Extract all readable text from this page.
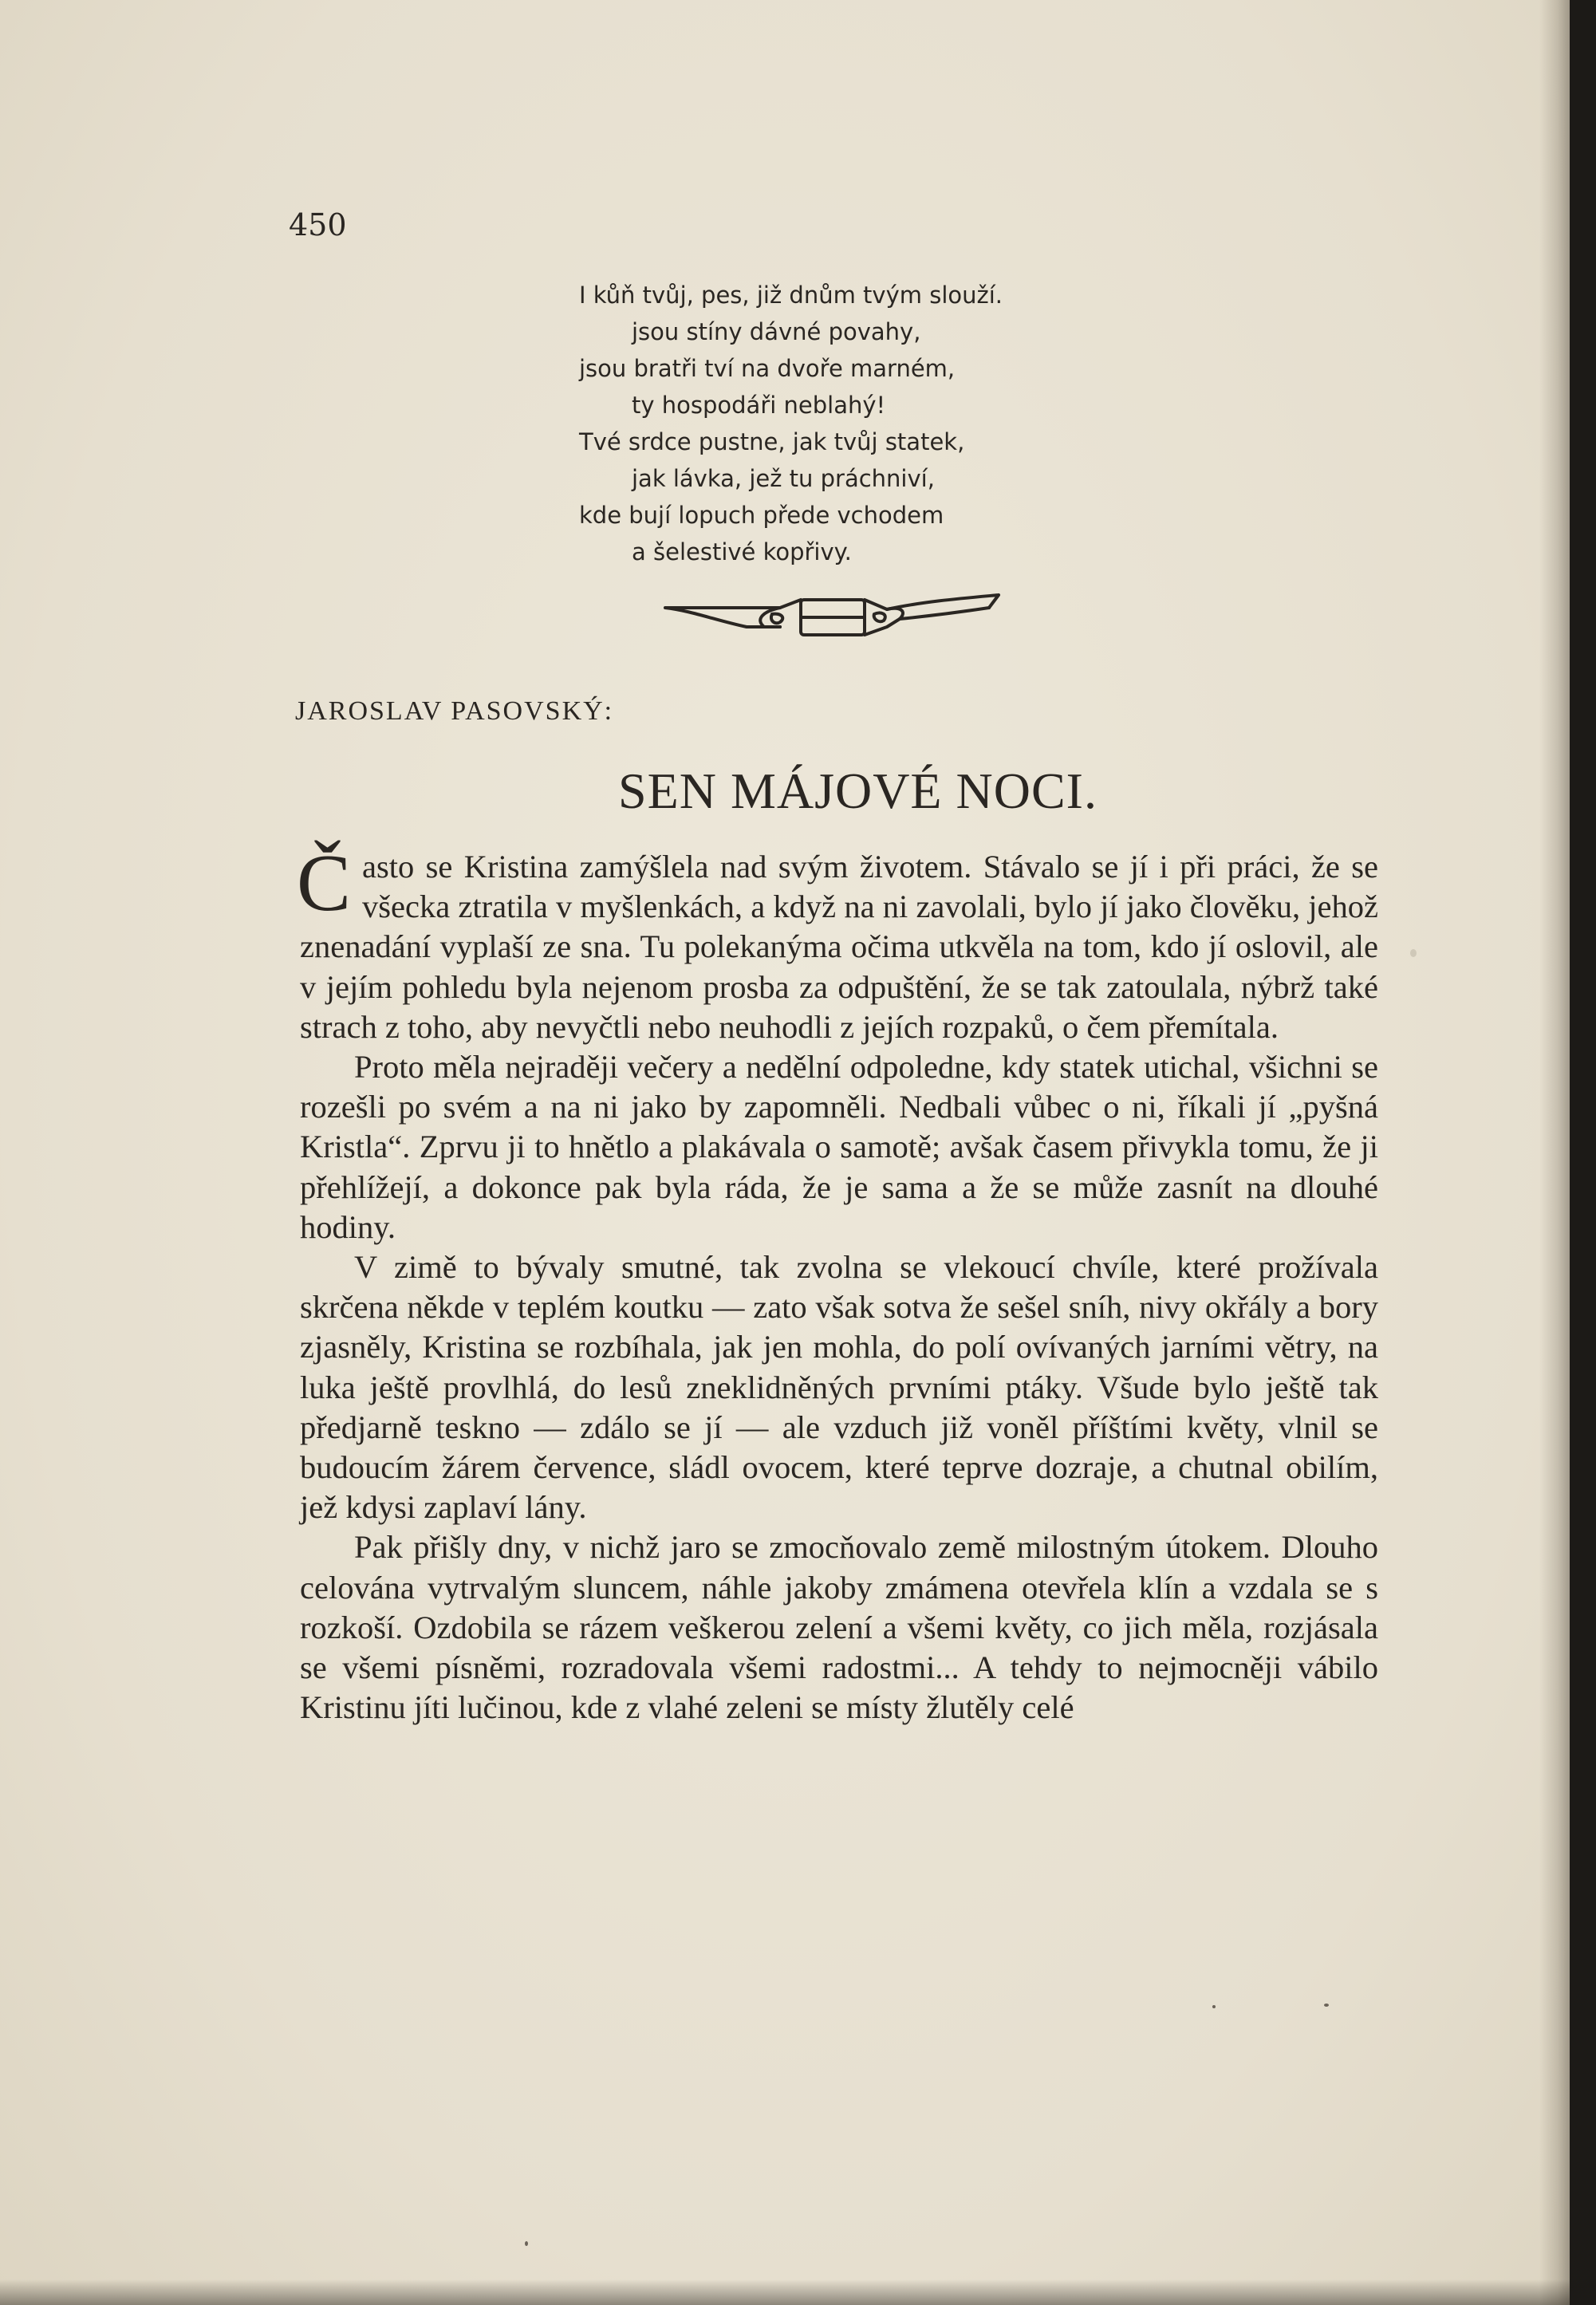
450
I kůň tvůj, pes, již dnům tvým slouží.
jsou stíny dávné povahy,
jsou bratři tví na dvoře marném,
ty hospodáři neblahý!
Tvé srdce pustne, jak tvůj statek,
jak lávka, jež tu práchniví,
kde bují lopuch přede vchodem
a šelestivé kopřivy.
JAROSLAV PASOVSKÝ:
SEN MÁJOVÉ NOCI.

Často se Kristina zamýšlela nad svým životem. Stávalo se jí i při práci, že se všecka ztratila v myšlenkách, a když na ni zavolali, bylo jí jako člověku, jehož znenadání vyplaší ze sna. Tu polekanýma očima utkvěla na tom, kdo jí oslovil, ale v jejím pohledu byla nejenom prosba za odpuštění, že se tak zatoulala, nýbrž také strach z toho, aby nevyčtli nebo neuhodli z jejích rozpaků, o čem přemítala.

Proto měla nejraději večery a nedělní odpoledne, kdy statek utichal, všichni se rozešli po svém a na ni jako by zapomněli. Nedbali vůbec o ni, říkali jí „pyšná Kristla“. Zprvu ji to hnětlo a plakávala o samotě; avšak časem přivykla tomu, že ji přehlížejí, a dokonce pak byla ráda, že je sama a že se může zasnít na dlouhé hodiny.

V zimě to bývaly smutné, tak zvolna se vlekoucí chvíle, které prožívala skrčena někde v teplém koutku — zato však sotva že sešel sníh, nivy okřály a bory zjasněly, Kristina se rozbíhala, jak jen mohla, do polí ovívaných jarními větry, na luka ještě provlhlá, do lesů zneklidněných prvními ptáky. Všude bylo ještě tak předjarně teskno — zdálo se jí — ale vzduch již voněl příštími květy, vlnil se budoucím žárem července, sládl ovocem, které teprve dozraje, a chutnal obilím, jež kdysi zaplaví lány.

Pak přišly dny, v nichž jaro se zmocňovalo země milostným útokem. Dlouho celována vytrvalým sluncem, náhle jakoby zmámena otevřela klín a vzdala se s rozkoší. Ozdobila se rázem veškerou zelení a všemi květy, co jich měla, rozjásala se všemi písněmi, rozradovala všemi radostmi... A tehdy to nejmocněji vábilo Kristinu jíti lučinou, kde z vlahé zeleni se místy žlutěly celé
